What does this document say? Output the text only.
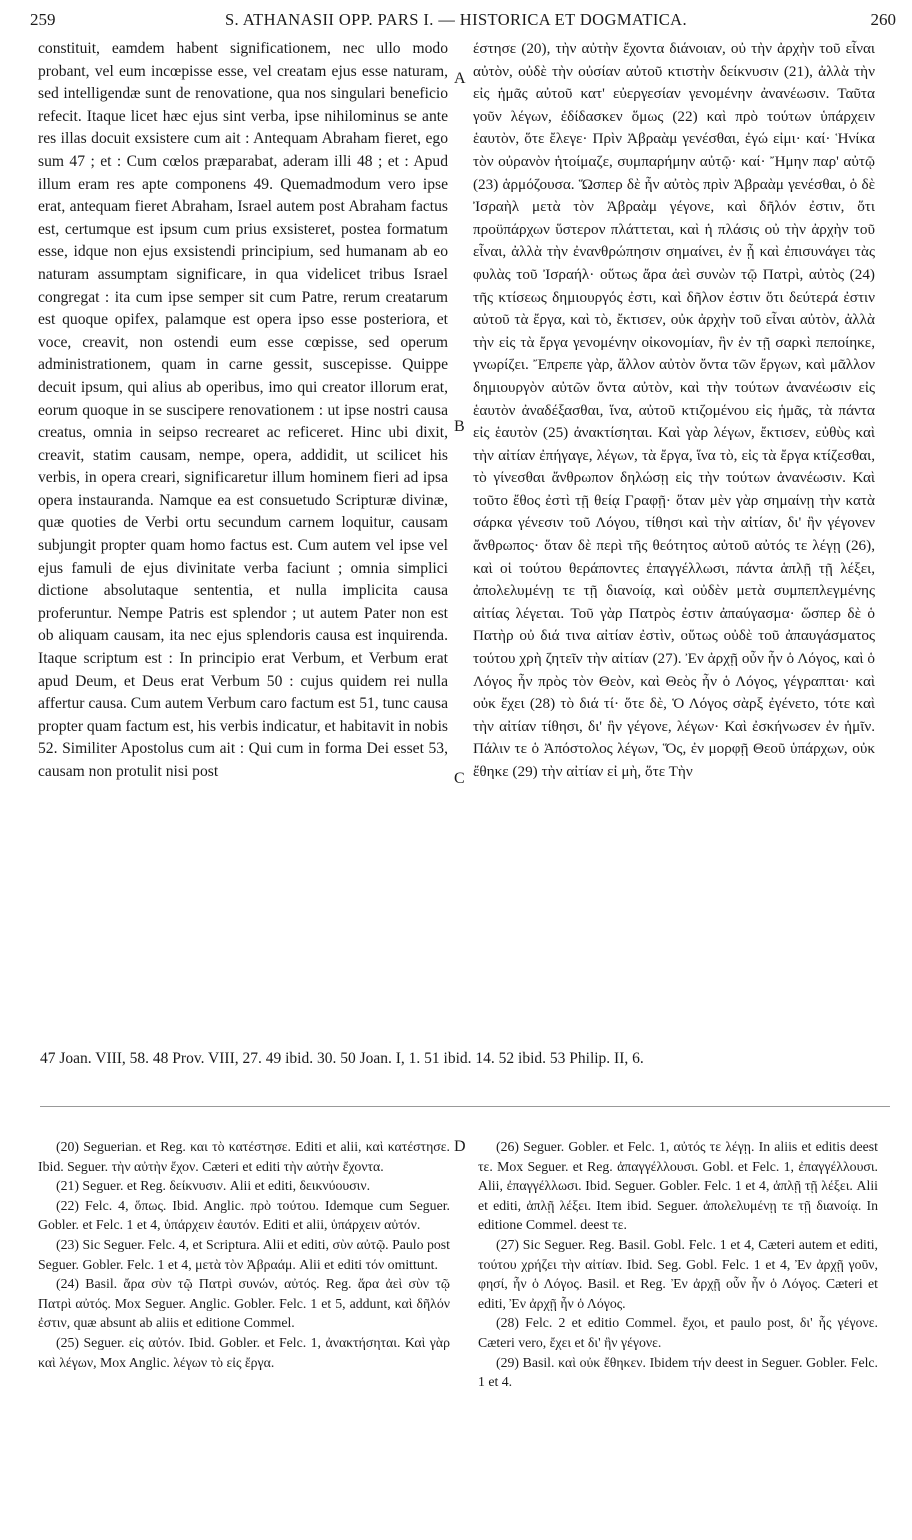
259	S. ATHANASII OPP. PARS I. — HISTORICA ET DOGMATICA.	260

constituit, eamdem habent significationem, nec ullo modo probant, vel eum incœpisse esse, vel creatam ejus esse naturam, sed intelligendæ sunt de renovatione, qua nos singulari beneficio refecit. Itaque licet hæc ejus sint verba, ipse nihilominus se ante res illas docuit exsistere cum ait : Antequam Abraham fieret, ego sum 47 ; et : Cum cœlos præparabat, aderam illi 48 ; et : Apud illum eram res apte componens 49. Quemadmodum vero ipse erat, antequam fieret Abraham, Israel autem post Abraham factus est, certumque est ipsum cum prius exsisteret, postea formatum esse, idque non ejus exsistendi principium, sed humanam ab eo naturam assumptam significare, in qua videlicet tribus Israel congregat : ita cum ipse semper sit cum Patre, rerum creatarum est quoque opifex, palamque est opera ipso esse posteriora, et voce, creavit, non ostendi eum esse cœpisse, sed operum administrationem, quam in carne gessit, suscepisse. Quippe decuit ipsum, qui alius ab operibus, imo qui creator illorum erat, eorum quoque in se suscipere renovationem : ut ipse nostri causa creatus, omnia in seipso recrearet ac reficeret. Hinc ubi dixit, creavit, statim causam, nempe, opera, addidit, ut scilicet his verbis, in opera creari, significaretur illum hominem fieri ad ipsa opera instauranda. Namque ea est consuetudo Scripturæ divinæ, quæ quoties de Verbi ortu secundum carnem loquitur, causam subjungit propter quam homo factus est. Cum autem vel ipse vel ejus famuli de ejus divinitate verba faciunt ; omnia simplici dictione absolutaque sententia, et nulla implicita causa proferuntur. Nempe Patris est splendor ; ut autem Pater non est ob aliquam causam, ita nec ejus splendoris causa est inquirenda. Itaque scriptum est : In principio erat Verbum, et Verbum erat apud Deum, et Deus erat Verbum 50 : cujus quidem rei nulla affertur causa. Cum autem Verbum caro factum est 51, tunc causa propter quam factum est, his verbis indicatur, et habitavit in nobis 52. Similiter Apostolus cum ait : Qui cum in forma Dei esset 53, causam non protulit nisi post

έστησε (20), τὴν αὐτὴν ἔχοντα διάνοιαν, οὐ τὴν ἀρχὴν τοῦ εἶναι αὐτὸν, οὐδὲ τὴν οὐσίαν αὐτοῦ κτιστὴν δείκνυσιν (21), ἀλλὰ τὴν εἰς ἡμᾶς αὐτοῦ κατ' εὐεργεσίαν γενομένην ἀνανέωσιν. Ταῦτα γοῦν λέγων, ἐδίδασκεν ὅμως (22) καὶ πρὸ τούτων ὑπάρχειν ἑαυτὸν, ὅτε ἔλεγε· Πρὶν Ἀβραὰμ γενέσθαι, ἐγώ εἰμι· καί· Ἡνίκα τὸν οὐρανὸν ἡτοίμαζε, συμπαρήμην αὐτῷ· καί· Ἤμην παρ' αὐτῷ (23) ἁρμόζουσα. Ὥσπερ δὲ ἦν αὐτὸς πρὶν Ἀβραὰμ γενέσθαι, ὁ δὲ Ἰσραὴλ μετὰ τὸν Ἀβραὰμ γέγονε, καὶ δῆλόν ἐστιν, ὅτι προϋπάρχων ὕστερον πλάττεται, καὶ ἡ πλάσις οὐ τὴν ἀρχὴν τοῦ εἶναι, ἀλλὰ τὴν ἐνανθρώπησιν σημαίνει, ἐν ᾗ καὶ ἐπισυνάγει τὰς φυλὰς τοῦ Ἰσραήλ· οὕτως ἄρα ἀεὶ συνὼν τῷ Πατρὶ, αὐτὸς (24) τῆς κτίσεως δημιουργός ἐστι, καὶ δῆλον ἐστιν ὅτι δεύτερά ἐστιν αὐτοῦ τὰ ἔργα, καὶ τὸ, ἔκτισεν, οὐκ ἀρχὴν τοῦ εἶναι αὐτὸν, ἀλλὰ τὴν εἰς τὰ ἔργα γενομένην οἰκονομίαν, ἣν ἐν τῇ σαρκὶ πεποίηκε, γνωρίζει. Ἔπρεπε γὰρ, ἄλλον αὐτὸν ὄντα τῶν ἔργων, καὶ μᾶλλον δημιουργὸν αὐτῶν ὄντα αὐτὸν, καὶ τὴν τούτων ἀνανέωσιν εἰς ἑαυτὸν ἀναδέξασθαι, ἵνα, αὐτοῦ κτιζομένου εἰς ἡμᾶς, τὰ πάντα εἰς ἑαυτὸν (25) ἀνακτίσηται. Καὶ γὰρ λέγων, ἔκτισεν, εὐθὺς καὶ τὴν αἰτίαν ἐπήγαγε, λέγων, τὰ ἔργα, ἵνα τὸ, εἰς τὰ ἔργα κτίζεσθαι, τὸ γίνεσθαι ἄνθρωπον δηλώσῃ εἰς τὴν τούτων ἀνανέωσιν. Καὶ τοῦτο ἔθος ἐστὶ τῇ θείᾳ Γραφῇ· ὅταν μὲν γὰρ σημαίνῃ τὴν κατὰ σάρκα γένεσιν τοῦ Λόγου, τίθησι καὶ τὴν αἰτίαν, δι' ἣν γέγονεν ἄνθρωπος· ὅταν δὲ περὶ τῆς θεότητος αὐτοῦ αὐτός τε λέγῃ (26), καὶ οἱ τούτου θεράποντες ἐπαγγέλλωσι, πάντα ἁπλῇ τῇ λέξει, ἀπολελυμένῃ τε τῇ διανοίᾳ, καὶ οὐδὲν μετὰ συμπεπλεγμένης αἰτίας λέγεται. Τοῦ γὰρ Πατρὸς ἐστιν ἀπαύγασμα· ὥσπερ δὲ ὁ Πατὴρ οὐ διά τινα αἰτίαν ἐστὶν, οὕτως οὐδὲ τοῦ ἀπαυγάσματος τούτου χρὴ ζητεῖν τὴν αἰτίαν (27). Ἐν ἀρχῇ οὖν ἦν ὁ Λόγος, καὶ ὁ Λόγος ἦν πρὸς τὸν Θεὸν, καὶ Θεὸς ἦν ὁ Λόγος, γέγραπται· καὶ οὐκ ἔχει (28) τὸ διά τί· ὅτε δὲ, Ὁ Λόγος σὰρξ ἐγένετο, τότε καὶ τὴν αἰτίαν τίθησι, δι' ἣν γέγονε, λέγων· Καὶ ἐσκήνωσεν ἐν ἡμῖν. Πάλιν τε ὁ Ἀπόστολος λέγων, Ὅς, ἐν μορφῇ Θεοῦ ὑπάρχων, οὐκ ἔθηκε (29) τὴν αἰτίαν εἰ μὴ, ὅτε Τὴν

A
B
C
D
47 Joan. VIII, 58. 48 Prov. VIII, 27. 49 ibid. 30. 50 Joan. I, 1. 51 ibid. 14. 52 ibid. 53 Philip. II, 6.

(20) Seguerian. et Reg. και τὸ κατέστησε. Editi et alii, καὶ κατέστησε. Ibid. Seguer. τὴν αὐτὴν ἔχον. Cæteri et editi τὴν αὐτὴν ἔχοντα.

(21) Seguer. et Reg. δείκνυσιν. Alii et editi, δεικνύουσιν.

(22) Felc. 4, ὅπως. Ibid. Anglic. πρὸ τούτου. Idemque cum Seguer. Gobler. et Felc. 1 et 4, ὑπάρχειν ἑαυτόν. Editi et alii, ὑπάρχειν αὐτόν.

(23) Sic Seguer. Felc. 4, et Scriptura. Alii et editi, σὺν αὐτῷ. Paulo post Seguer. Gobler. Felc. 1 et 4, μετὰ τὸν Ἀβραάμ. Alii et editi τόν omittunt.

(24) Basil. ἄρα σὺν τῷ Πατρὶ συνών, αὐτός. Reg. ἄρα ἀεὶ σὺν τῷ Πατρὶ αὐτός. Mox Seguer. Anglic. Gobler. Felc. 1 et 5, addunt, καὶ δῆλόν ἐστιν, quæ absunt ab aliis et editione Commel.

(25) Seguer. εἰς αὐτόν. Ibid. Gobler. et Felc. 1, ἀνακτήσηται. Καὶ γὰρ καὶ λέγων, Mox Anglic. λέγων τὸ εἰς ἔργα.

(26) Seguer. Gobler. et Felc. 1, αὐτός τε λέγῃ. In aliis et editis deest τε. Mox Seguer. et Reg. ἀπαγγέλλουσι. Gobl. et Felc. 1, ἐπαγγέλλουσι. Alii, ἐπαγγέλλωσι. Ibid. Seguer. Gobler. Felc. 1 et 4, ἁπλῇ τῇ λέξει. Alii et editi, ἁπλῇ λέξει. Item ibid. Seguer. ἀπολελυμένῃ τε τῇ διανοίᾳ. In editione Commel. deest τε.

(27) Sic Seguer. Reg. Basil. Gobl. Felc. 1 et 4, Cæteri autem et editi, τούτου χρήζει τὴν αἰτίαν. Ibid. Seg. Gobl. Felc. 1 et 4, Ἐν ἀρχῇ γοῦν, φησί, ἦν ὁ Λόγος. Basil. et Reg. Ἐν ἀρχῇ οὖν ἦν ὁ Λόγος. Cæteri et editi, Ἐν ἀρχῇ ἦν ὁ Λόγος.

(28) Felc. 2 et editio Commel. ἔχοι, et paulo post, δι' ἧς γέγονε. Cæteri vero, ἔχει et δι' ἣν γέγονε.

(29) Basil. καὶ οὐκ ἔθηκεν. Ibidem τήν deest in Seguer. Gobler. Felc. 1 et 4.
